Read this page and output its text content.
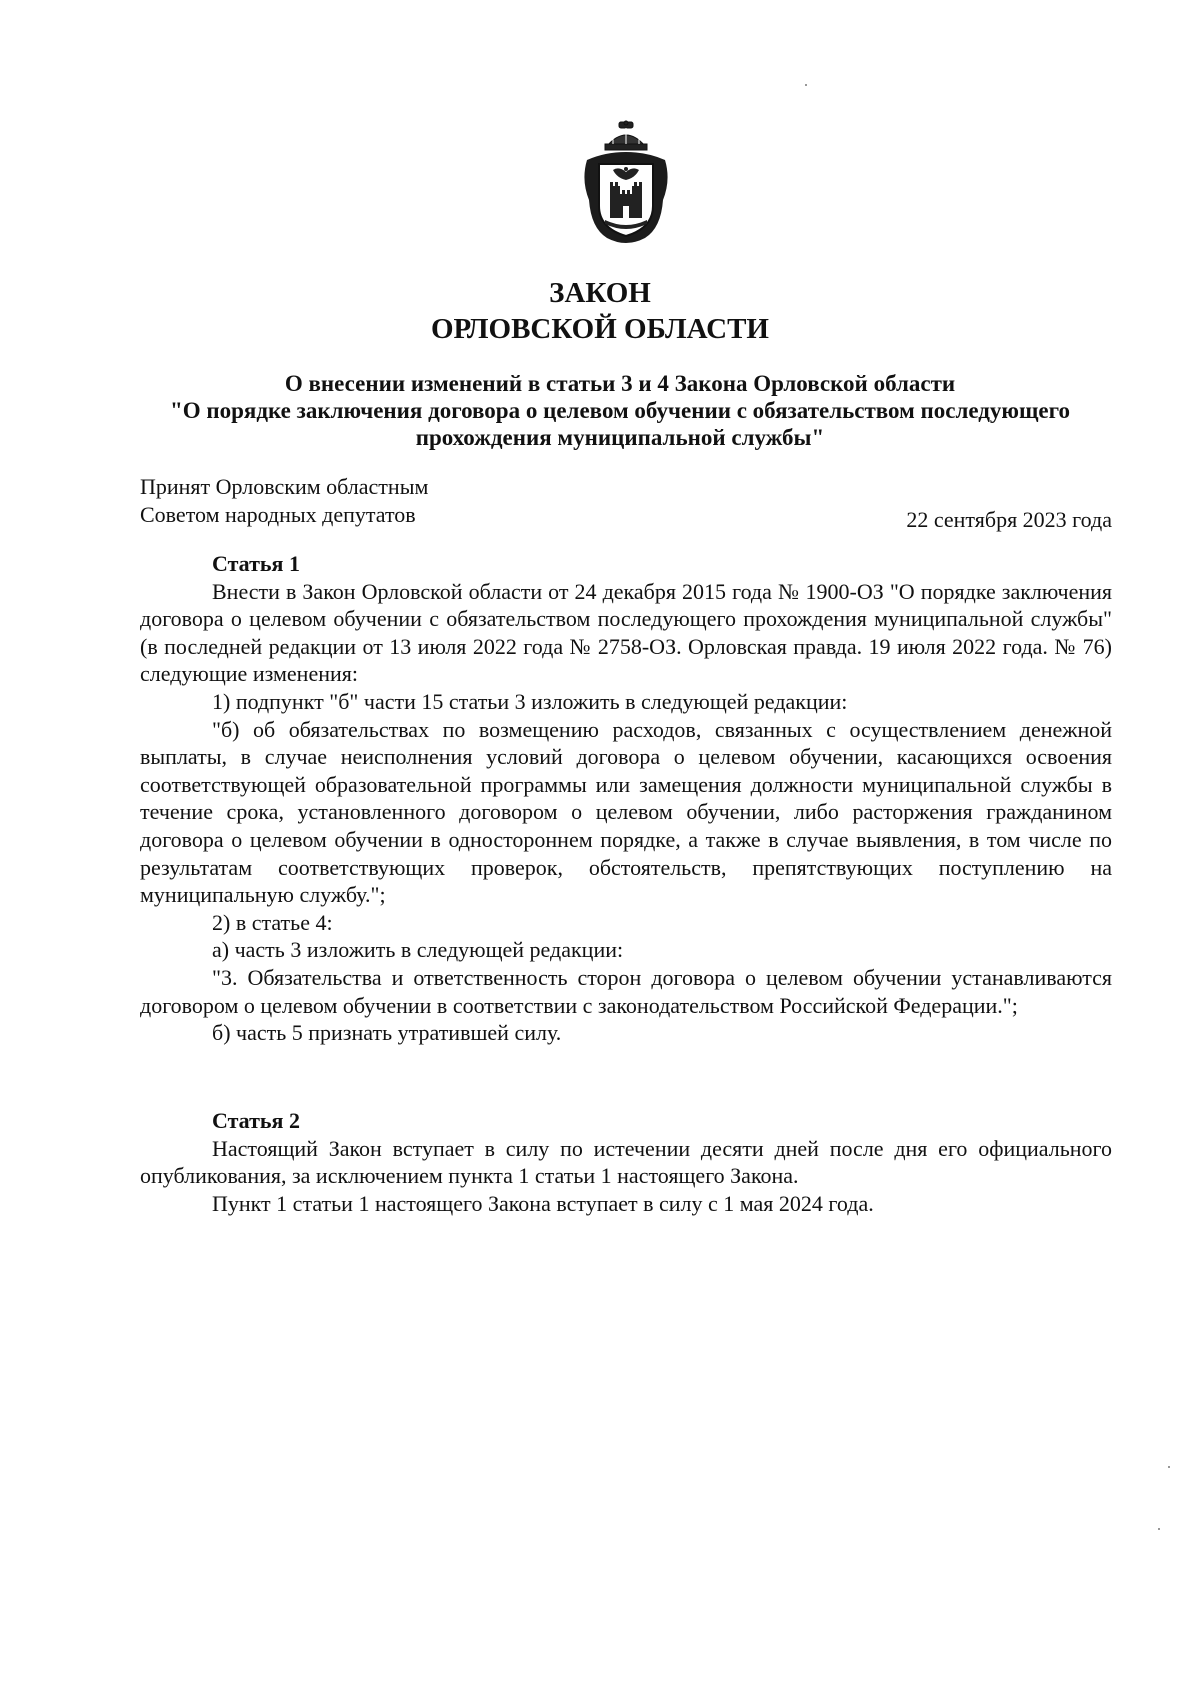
ЗАКОН
ОРЛОВСКОЙ ОБЛАСТИ
О внесении изменений в статьи 3 и 4 Закона Орловской области
"О порядке заключения договора о целевом обучении с обязательством последующего
прохождения муниципальной службы"
Принят Орловским областным
Советом народных депутатов	22 сентября 2023 года

Статья 1

Внести в Закон Орловской области от 24 декабря 2015 года № 1900-ОЗ "О порядке заключения договора о целевом обучении с обязательством последующего прохождения муниципальной службы" (в последней редакции от 13 июля 2022 года № 2758-ОЗ. Орловская правда. 19 июля 2022 года. № 76) следующие изменения:

1) подпункт "б" части 15 статьи 3 изложить в следующей редакции:

"б) об обязательствах по возмещению расходов, связанных с осуществлением денежной выплаты, в случае неисполнения условий договора о целевом обучении, касающихся освоения соответствующей образовательной программы или замещения должности муниципальной службы в течение срока, установленного договором о целевом обучении, либо расторжения гражданином договора о целевом обучении в одностороннем порядке, а также в случае выявления, в том числе по результатам соответствующих проверок, обстоятельств, препятствующих поступлению на муниципальную службу.";

2) в статье 4:

а) часть 3 изложить в следующей редакции:

"3. Обязательства и ответственность сторон договора о целевом обучении устанавливаются договором о целевом обучении в соответствии с законодательством Российской Федерации.";

б) часть 5 признать утратившей силу.

Статья 2

Настоящий Закон вступает в силу по истечении десяти дней после дня его официального опубликования, за исключением пункта 1 статьи 1 настоящего Закона.

Пункт 1 статьи 1 настоящего Закона вступает в силу с 1 мая 2024 года.
